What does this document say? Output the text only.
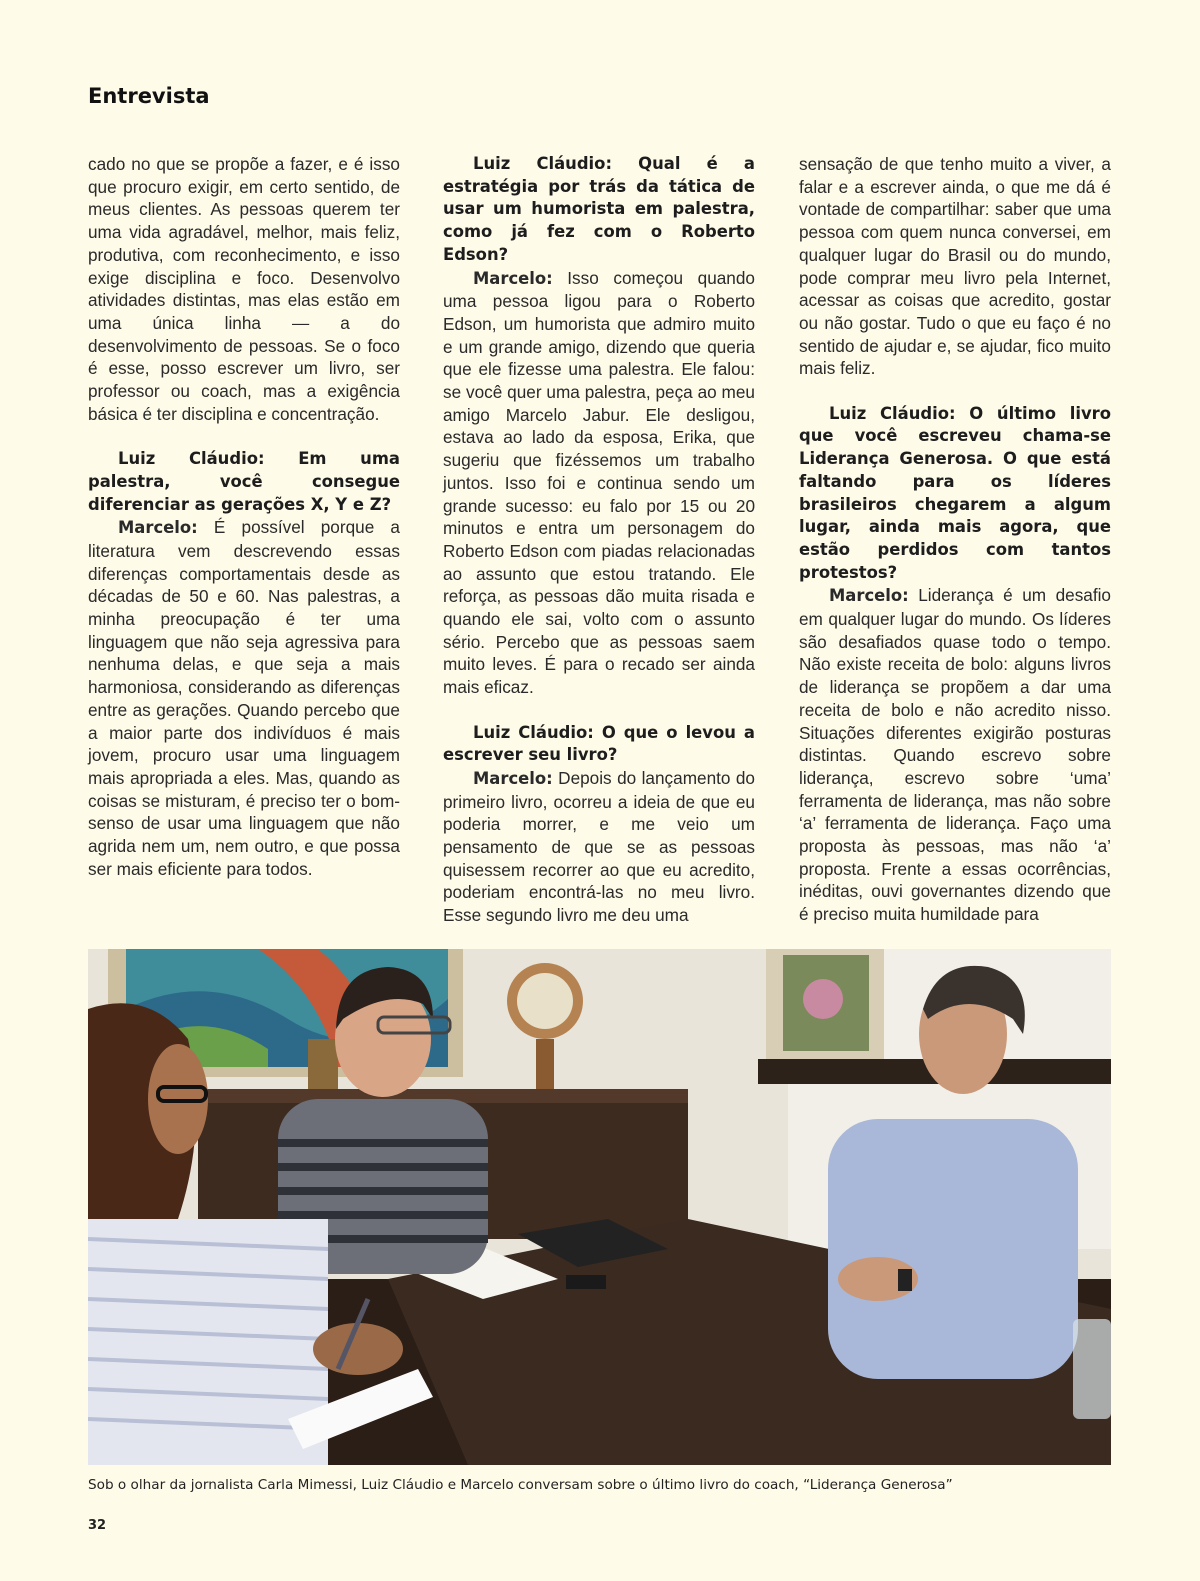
Entrevista

cado no que se propõe a fazer, e é isso que procuro exigir, em certo sentido, de meus clientes. As pessoas querem ter uma vida agradável, melhor, mais feliz, produtiva, com reconhecimento, e isso exige disciplina e foco. Desenvolvo atividades distintas, mas elas estão em uma única linha — a do desenvolvimento de pessoas. Se o foco é esse, posso escrever um livro, ser professor ou coach, mas a exigência básica é ter disciplina e concentração.

Luiz Cláudio: Em uma palestra, você consegue diferenciar as gerações X, Y e Z?

Marcelo: É possível porque a literatura vem descrevendo essas diferenças comportamentais desde as décadas de 50 e 60. Nas palestras, a minha preocupação é ter uma linguagem que não seja agressiva para nenhuma delas, e que seja a mais harmoniosa, considerando as diferenças entre as gerações. Quando percebo que a maior parte dos indivíduos é mais jovem, procuro usar uma linguagem mais apropriada a eles. Mas, quando as coisas se misturam, é preciso ter o bom-senso de usar uma linguagem que não agrida nem um, nem outro, e que possa ser mais eficiente para todos.

Luiz Cláudio: Qual é a estratégia por trás da tática de usar um humorista em palestra, como já fez com o Roberto Edson?

Marcelo: Isso começou quando uma pessoa ligou para o Roberto Edson, um humorista que admiro muito e um grande amigo, dizendo que queria que ele fizesse uma palestra. Ele falou: se você quer uma palestra, peça ao meu amigo Marcelo Jabur. Ele desligou, estava ao lado da esposa, Erika, que sugeriu que fizéssemos um trabalho juntos. Isso foi e continua sendo um grande sucesso: eu falo por 15 ou 20 minutos e entra um personagem do Roberto Edson com piadas relacionadas ao assunto que estou tratando. Ele reforça, as pessoas dão muita risada e quando ele sai, volto com o assunto sério. Percebo que as pessoas saem muito leves. É para o recado ser ainda mais eficaz.

Luiz Cláudio: O que o levou a escrever seu livro?

Marcelo: Depois do lançamento do primeiro livro, ocorreu a ideia de que eu poderia morrer, e me veio um pensamento de que se as pessoas quisessem recorrer ao que eu acredito, poderiam encontrá-las no meu livro. Esse segundo livro me deu uma

sensação de que tenho muito a viver, a falar e a escrever ainda, o que me dá é vontade de compartilhar: saber que uma pessoa com quem nunca conversei, em qualquer lugar do Brasil ou do mundo, pode comprar meu livro pela Internet, acessar as coisas que acredito, gostar ou não gostar. Tudo o que eu faço é no sentido de ajudar e, se ajudar, fico muito mais feliz.

Luiz Cláudio: O último livro que você escreveu chama-se Liderança Generosa. O que está faltando para os líderes brasileiros chegarem a algum lugar, ainda mais agora, que estão perdidos com tantos protestos?

Marcelo: Liderança é um desafio em qualquer lugar do mundo. Os líderes são desafiados quase todo o tempo. Não existe receita de bolo: alguns livros de liderança se propõem a dar uma receita de bolo e não acredito nisso. Situações diferentes exigirão posturas distintas. Quando escrevo sobre liderança, escrevo sobre ‘uma’ ferramenta de liderança, mas não sobre ‘a’ ferramenta de liderança. Faço uma proposta às pessoas, mas não ‘a’ proposta. Frente a essas ocorrências, inéditas, ouvi governantes dizendo que é preciso muita humildade para

Sob o olhar da jornalista Carla Mimessi, Luiz Cláudio e Marcelo conversam sobre o último livro do coach, “Liderança Generosa”
32
